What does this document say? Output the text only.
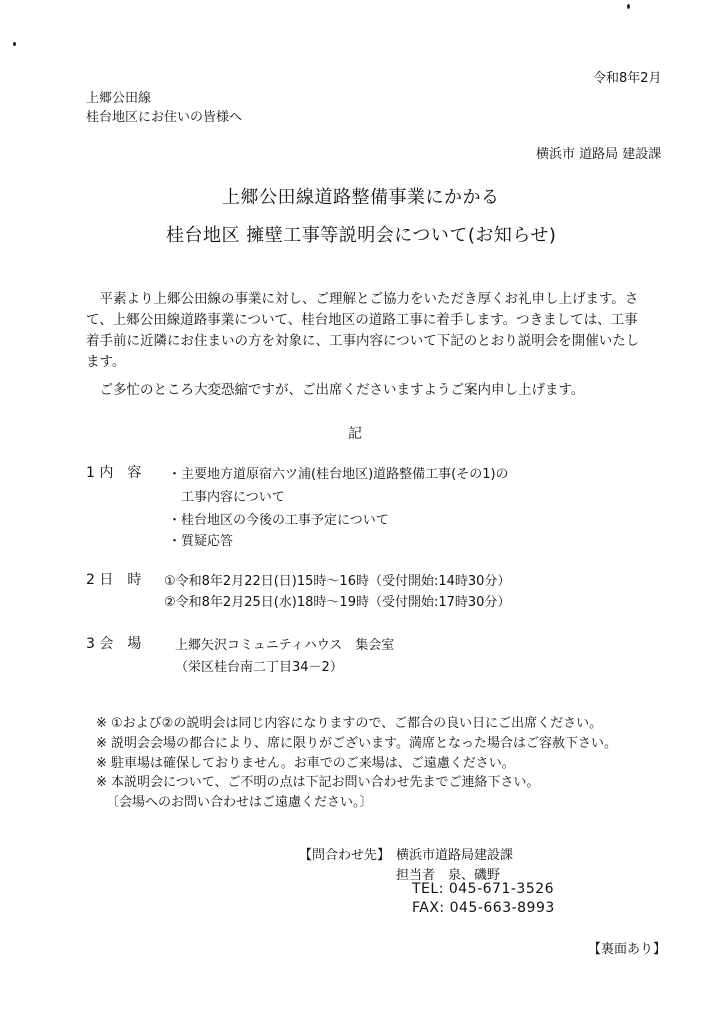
令和8年2月
上郷公田線
桂台地区にお住いの皆様へ
横浜市 道路局 建設課
上郷公田線道路整備事業にかかる
桂台地区 擁壁工事等説明会について(お知らせ)
　平素より上郷公田線の事業に対し、ご理解とご協力をいただき厚くお礼申し上げます。さて、上郷公田線道路事業について、桂台地区の道路工事に着手します。つきましては、工事着手前に近隣にお住まいの方を対象に、工事内容について下記のとおり説明会を開催いたします。
　ご多忙のところ大変恐縮ですが、ご出席くださいますようご案内申し上げます。
記
1 内　容	・主要地方道原宿六ツ浦(桂台地区)道路整備工事(その1)の
　工事内容について
・桂台地区の今後の工事予定について
・質疑応答
2 日　時	①令和8年2月22日(日)15時～16時（受付開始:14時30分）
②令和8年2月25日(水)18時～19時（受付開始:17時30分）
3 会　場	上郷矢沢コミュニティハウス　集会室
（栄区桂台南二丁目34－2）
※ ①および②の説明会は同じ内容になりますので、ご都合の良い日にご出席ください。
※ 説明会会場の都合により、席に限りがございます。満席となった場合はご容赦下さい。
※ 駐車場は確保しておりません。お車でのご来場は、ご遠慮ください。
※ 本説明会について、ご不明の点は下記お問い合わせ先までご連絡下さい。
〔会場へのお問い合わせはご遠慮ください。〕
【問合わせ先】 横浜市道路局建設課
担当者　泉、磯野
TEL: 045-671-3526
FAX: 045-663-8993
【裏面あり】
